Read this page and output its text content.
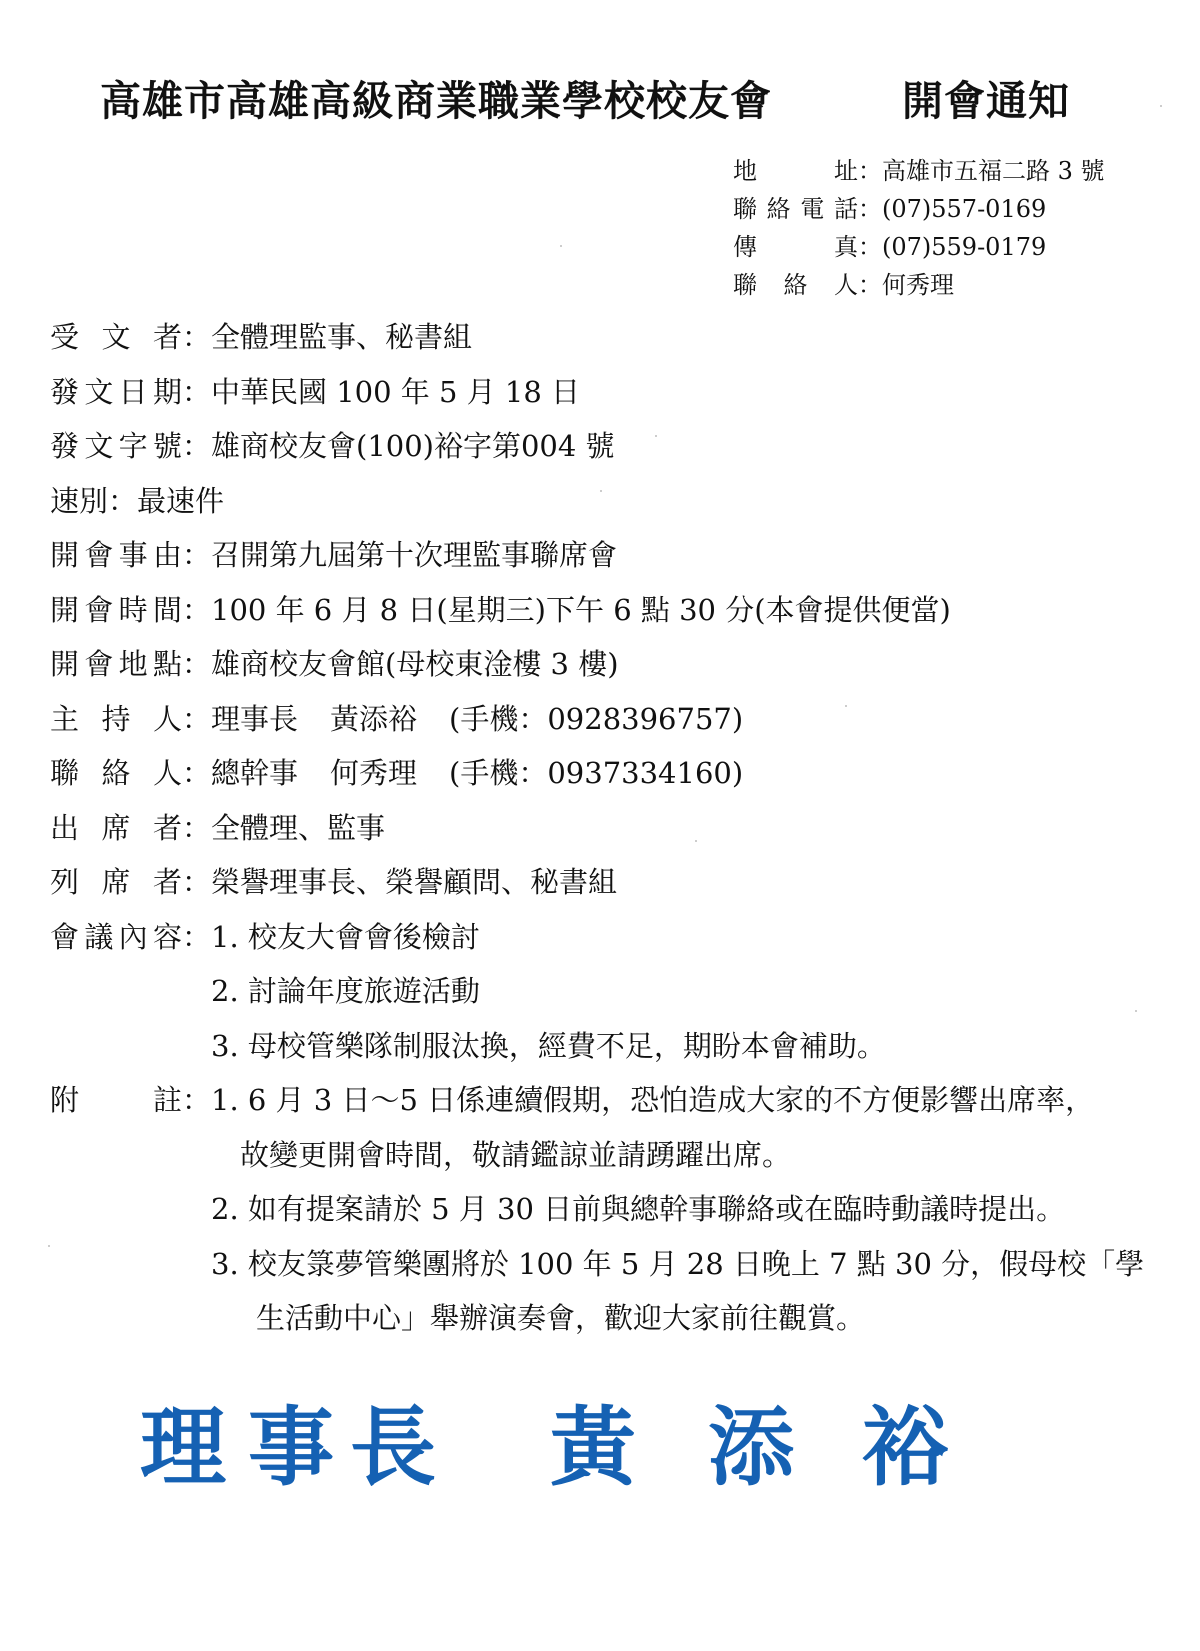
高雄市高雄高級商業職業學校校友會	開會通知
地　址 ： 高雄市五福二路 3 號
聯絡電話 ： (07)557-0169
傳　真 ： (07)559-0179
聯 絡 人 ： 何秀理
受 文 者 ： 全體理監事、秘書組
發文日期 ： 中華民國 100 年 5 月 18 日
發文字號 ： 雄商校友會(100)裕字第004 號
速別 ： 最速件
開會事由 ： 召開第九屆第十次理監事聯席會
開會時間 ： 100 年 6 月 8 日(星期三)下午 6 點 30 分(本會提供便當)
開會地點 ： 雄商校友會館(母校東淦樓 3 樓)
主 持 人 ： 理事長 黃添裕 (手機：0928396757)
聯 絡 人 ： 總幹事 何秀理 (手機：0937334160)
出 席 者 ： 全體理、監事
列 席 者 ： 榮譽理事長、榮譽顧問、秘書組
會議內容 ： 1. 校友大會會後檢討
2. 討論年度旅遊活動
3. 母校管樂隊制服汰換，經費不足，期盼本會補助。
附　　註 ： 1. 6 月 3 日～5 日係連續假期，恐怕造成大家的不方便影響出席率，
故變更開會時間，敬請鑑諒並請踴躍出席。
2. 如有提案請於 5 月 30 日前與總幹事聯絡或在臨時動議時提出。
3. 校友箓夢管樂團將於 100 年 5 月 28 日晚上 7 點 30 分，假母校「學
生活動中心」舉辦演奏會，歡迎大家前往觀賞。
理 事 長 黃 添 裕
